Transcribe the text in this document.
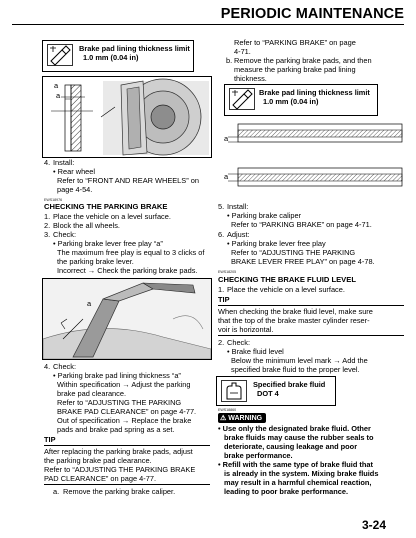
PERIODIC MAINTENANCE
Brake pad lining thickness limit
1.0 mm (0.04 in)
a
a
4. Install:
• Rear wheel
Refer to “FRONT AND REAR WHEELS” on
page 4-54.
EWS18976
CHECKING THE PARKING BRAKE
1. Place the vehicle on a level surface.
2. Block the all wheels.
3. Check:
• Parking brake lever free play “a”
The maximum free play is equal to 3 clicks of
the parking brake lever.
Incorrect → Check the parking brake pads.
a
4. Check:
• Parking brake pad lining thickness “a”
Within specification → Adjust the parking
brake pad clearance.
Refer to “ADJUSTING THE PARKING
BRAKE PAD CLEARANCE” on page 4-77.
Out of specification → Replace the brake
pads and brake pad spring as a set.
TIP
After replacing the parking brake pads, adjust
the parking brake pad clearance.
Refer to “ADJUSTING THE PARKING BRAKE
PAD CLEARANCE” on page 4-77.
a. Remove the parking brake caliper.
Refer to “PARKING BRAKE” on page
4-71.
b. Remove the parking brake pads, and then
measure the parking brake pad lining
thickness.
Brake pad lining thickness limit
1.0 mm (0.04 in)
a
a
5. Install:
• Parking brake caliper
Refer to “PARKING BRAKE” on page 4-71.
6. Adjust:
• Parking brake lever free play
Refer to “ADJUSTING THE PARKING
BRAKE LEVER FREE PLAY” on page 4-78.
EWS18205
CHECKING THE BRAKE FLUID LEVEL
1. Place the vehicle on a level surface.
TIP
When checking the brake fluid level, make sure
that the top of the brake master cylinder reser-
voir is horizontal.
2. Check:
• Brake fluid level
Below the minimum level mark → Add the
specified brake fluid to the proper level.
Specified brake fluid
DOT 4
EWS18860
⚠ WARNING
• Use only the designated brake fluid. Other
brake fluids may cause the rubber seals to
deteriorate, causing leakage and poor
brake performance.
• Refill with the same type of brake fluid that
is already in the system. Mixing brake fluids
may result in a harmful chemical reaction,
leading to poor brake performance.
3-24
